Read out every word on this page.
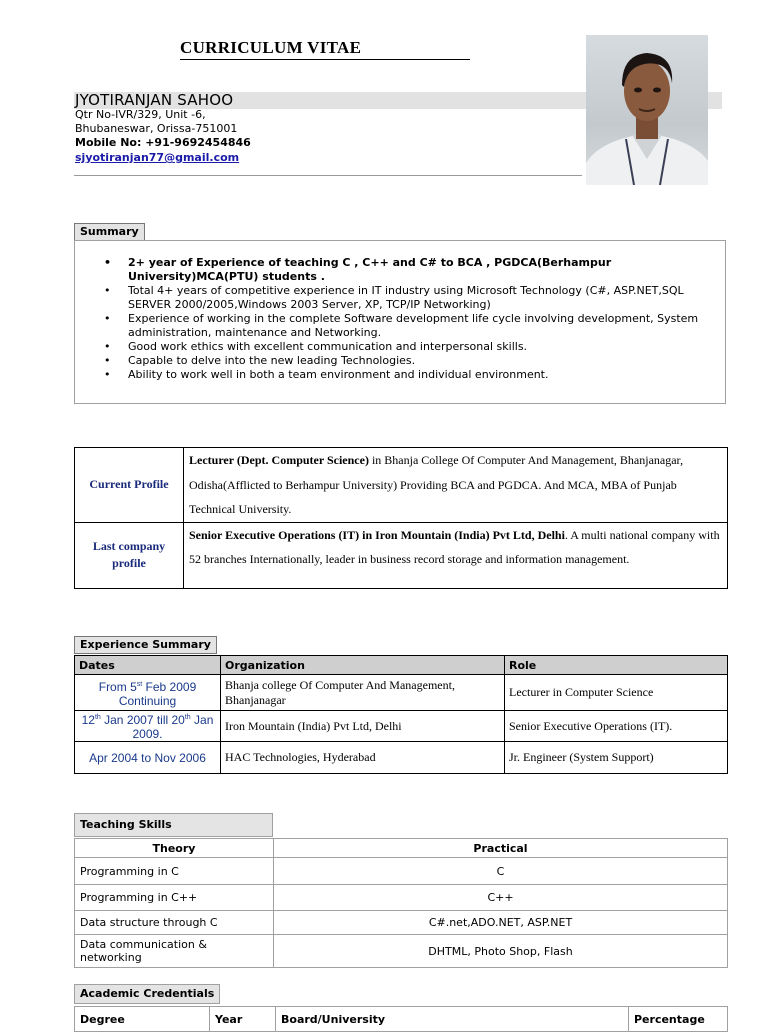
CURRICULUM VITAE
JYOTIRANJAN SAHOO
Qtr No-IVR/329, Unit -6,
Bhubaneswar, Orissa-751001
Mobile No: +91-9692454846
sjyotiranjan77@gmail.com
Summary
• 2+ year of Experience of teaching C , C++ and C# to BCA , PGDCA(Berhampur University)MCA(PTU) students .
• Total 4+ years of competitive experience in IT industry using Microsoft Technology (C#, ASP.NET,SQL SERVER 2000/2005,Windows 2003 Server, XP, TCP/IP Networking)
• Experience of working in the complete Software development life cycle involving development, System administration, maintenance and Networking.
• Good work ethics with excellent communication and interpersonal skills.
• Capable to delve into the new leading Technologies.
• Ability to work well in both a team environment and individual environment.
Current Profile	Lecturer (Dept. Computer Science) in Bhanja College Of Computer And Management, Bhanjanagar, Odisha(Afflicted to Berhampur University) Providing BCA and PGDCA. And MCA, MBA of Punjab Technical University.
Last company profile	Senior Executive Operations (IT) in Iron Mountain (India) Pvt Ltd, Delhi. A multi national company with 52 branches Internationally, leader in business record storage and information management.
Experience Summary
Dates	Organization	Role
From 5st Feb 2009 Continuing	Bhanja college Of Computer And Management, Bhanjanagar	Lecturer in Computer Science
12th Jan 2007 till 20th Jan 2009.	Iron Mountain (India) Pvt Ltd, Delhi	Senior Executive Operations (IT).
Apr 2004 to Nov 2006	HAC Technologies, Hyderabad	Jr. Engineer (System Support)
Teaching Skills
Theory	Practical
Programming in C	C
Programming in C++	C++
Data structure through C	C#.net,ADO.NET, ASP.NET
Data communication & networking	DHTML, Photo Shop, Flash
Academic Credentials
Degree	Year	Board/University	Percentage
